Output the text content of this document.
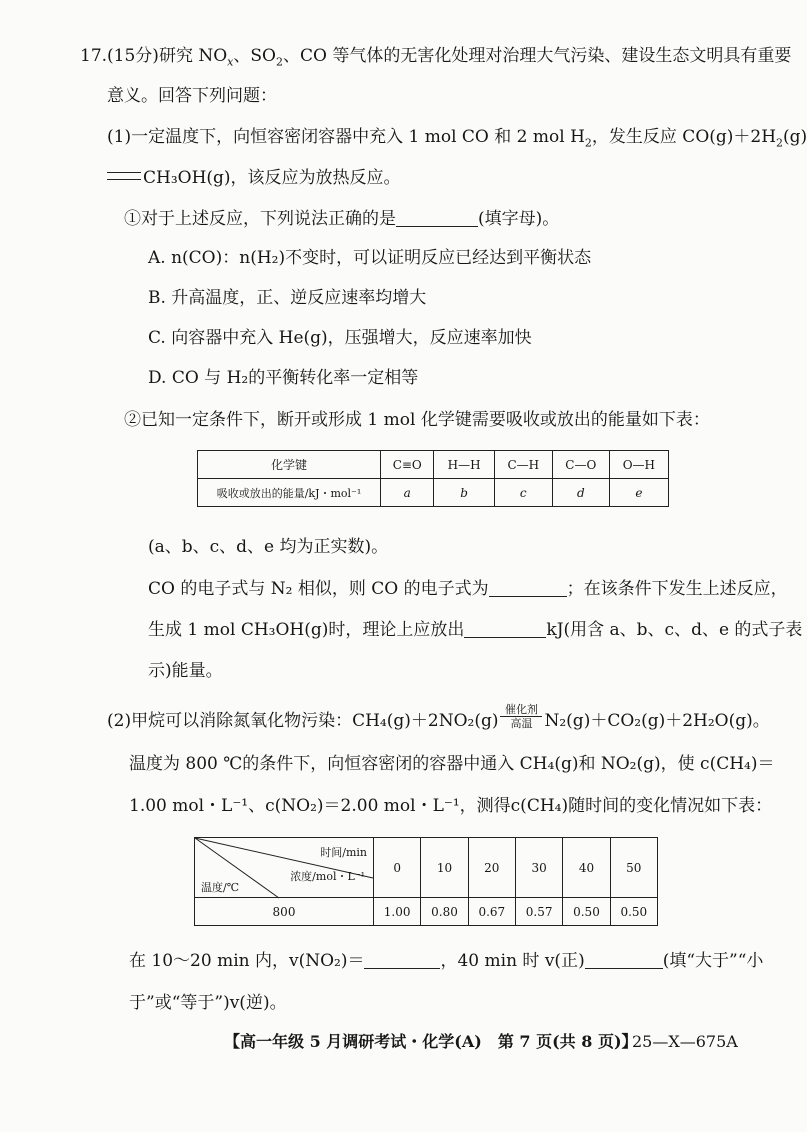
17.(15分)研究 $NO_x$、$SO_2$、CO 等气体的无害化处理对治理大气污染、建设生态文明具有重要
意义。回答下列问题：
(1)一定温度下，向恒容密闭容器中充入 1 mol CO 和 2 mol $H_2$，发生反应 $CO(g)+2H_2(g)$
CH₃OH(g)，该反应为放热反应。
①对于上述反应，下列说法正确的是	(填字母)。
A. n(CO)：n(H₂)不变时，可以证明反应已经达到平衡状态
B. 升高温度，正、逆反应速率均增大
C. 向容器中充入 He(g)，压强增大，反应速率加快
D. CO 与 H₂的平衡转化率一定相等
②已知一定条件下，断开或形成 1 mol 化学键需要吸收或放出的能量如下表：
化学键	C≡O	H—H	C—H	C—O	O—H
吸收或放出的能量/kJ・mol⁻¹	a	b	c	d	e
(a、b、c、d、e 均为正实数)。
CO 的电子式与 N₂ 相似，则 CO 的电子式为	；在该条件下发生上述反应，
生成 1 mol CH₃OH(g)时，理论上应放出	kJ(用含 a、b、c、d、e 的式子表
示)能量。
(2)甲烷可以消除氮氧化物污染：CH₄(g)＋2NO₂(g)
催化剂
高温 N₂(g)＋CO₂(g)＋2H₂O(g)。
温度为 800 ℃的条件下，向恒容密闭的容器中通入 CH₄(g)和 NO₂(g)，使 c(CH₄)＝
1.00 mol・L⁻¹、c(NO₂)＝2.00 mol・L⁻¹，测得c(CH₄)随时间的变化情况如下表：
时间/min
浓度/mol・L⁻¹
温度/℃	0	10	20	30	40	50
800	1.00	0.80	0.67	0.57	0.50	0.50
在 10～20 min 内，v(NO₂)＝	，40 min 时 v(正)	(填“大于”“小
于”或“等于”)v(逆)。
【高一年级 5 月调研考试・化学(A)　第 7 页(共 8 页)】
25—X—675A
